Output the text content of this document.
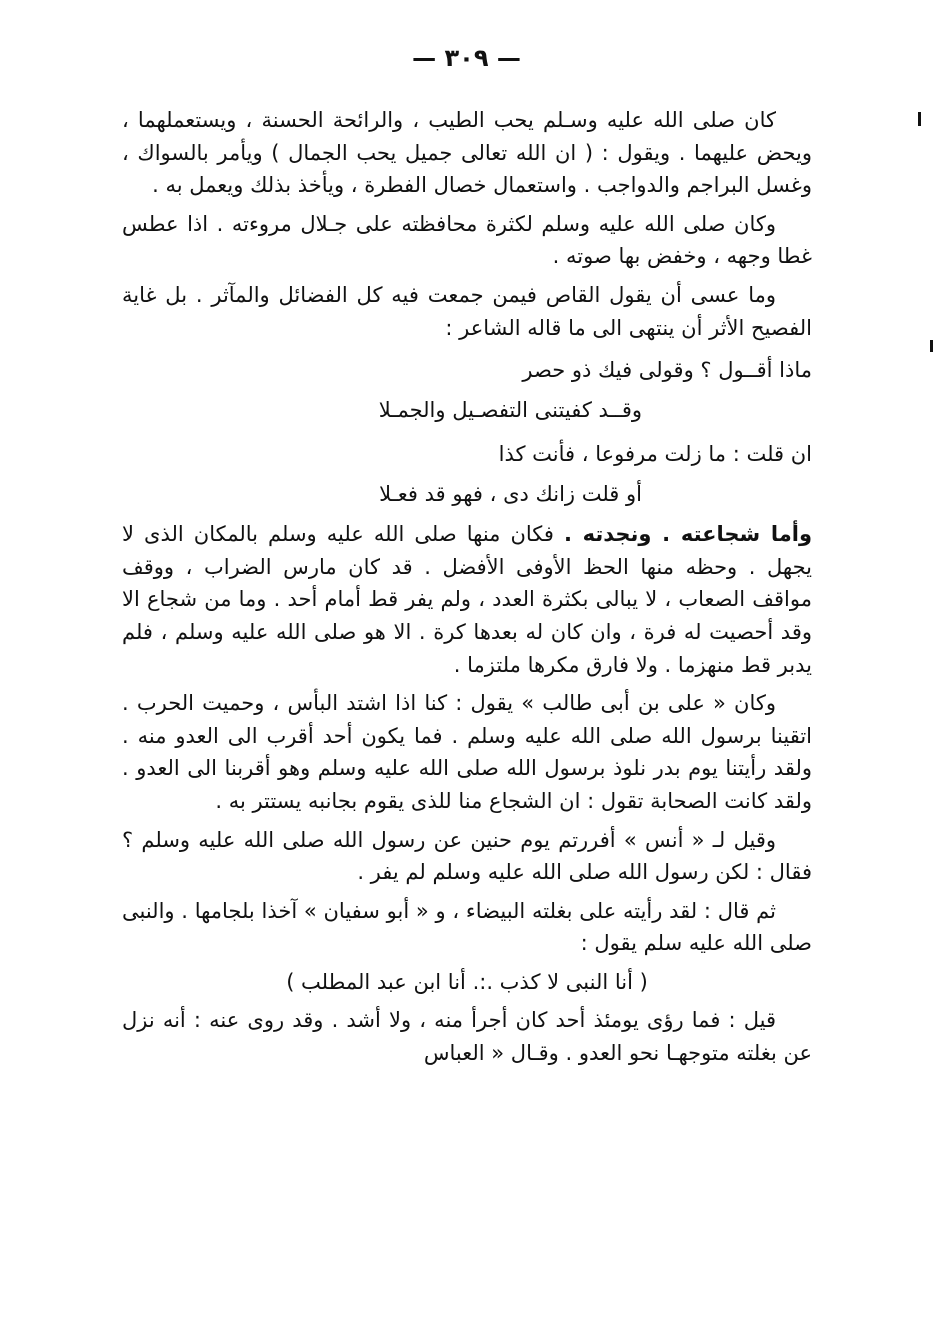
— ٣٠٩ —

كان صلى الله عليه وسـلم يحب الطيب ، والرائحة الحسنة ، ويستعملهما ، ويحض عليهما . ويقول : ( ان الله تعالى جميل يحب الجمال ) ويأمر بالسواك ، وغسل البراجم والدواجب . واستعمال خصال الفطرة ، ويأخذ بذلك ويعمل به .

وكان صلى الله عليه وسلم لكثرة محافظته على جـلال مروءته . اذا عطس غطا وجهه ، وخفض بها صوته .

وما عسى أن يقول القاص فيمن جمعت فيه كل الفضائل والمآثر . بل غاية الفصيح الأثر أن ينتهى الى ما قاله الشاعر :

ماذا أقــول ؟ وقولى فيك ذو حصر
وقــد كفيتنى التفصـيل والجمـلا
ان قلت : ما زلت مرفوعا ، فأنت كذا
أو قلت زانك دى ، فهو قد فعـلا

وأما شجاعته . ونجدته . فكان منها صلى الله عليه وسلم بالمكان الذى لا يجهل . وحظه منها الحظ الأوفى الأفضل . قد كان مارس الضراب ، ووقف مواقف الصعاب ، لا يبالى بكثرة العدد ، ولم يفر قط أمام أحد . وما من شجاع الا وقد أحصيت له فرة ، وان كان له بعدها كرة . الا هو صلى الله عليه وسلم ، فلم يدبر قط منهزما . ولا فارق مكرها ملتزما .

وكان « على بن أبى طالب » يقول : كنا اذا اشتد البأس ، وحميت الحرب . اتقينا برسول الله صلى الله عليه وسلم . فما يكون أحد أقرب الى العدو منه . ولقد رأيتنا يوم بدر نلوذ برسول الله صلى الله عليه وسلم وهو أقربنا الى العدو . ولقد كانت الصحابة تقول : ان الشجاع منا للذى يقوم بجانبه يستتر به .

وقيل لـ « أنس » أفررتم يوم حنين عن رسول الله صلى الله عليه وسلم ؟ فقال : لكن رسول الله صلى الله عليه وسلم لم يفر .

ثم قال : لقد رأيته على بغلته البيضاء ، و « أبو سفيان » آخذا بلجامها . والنبى صلى الله عليه سلم يقول :

( أنا النبى لا كذب .:. أنا ابن عبد المطلب )

قيل : فما رؤى يومئذ أحد كان أجرأ منه ، ولا أشد . وقد روى عنه : أنه نزل عن بغلته متوجهـا نحو العدو . وقـال « العباس
